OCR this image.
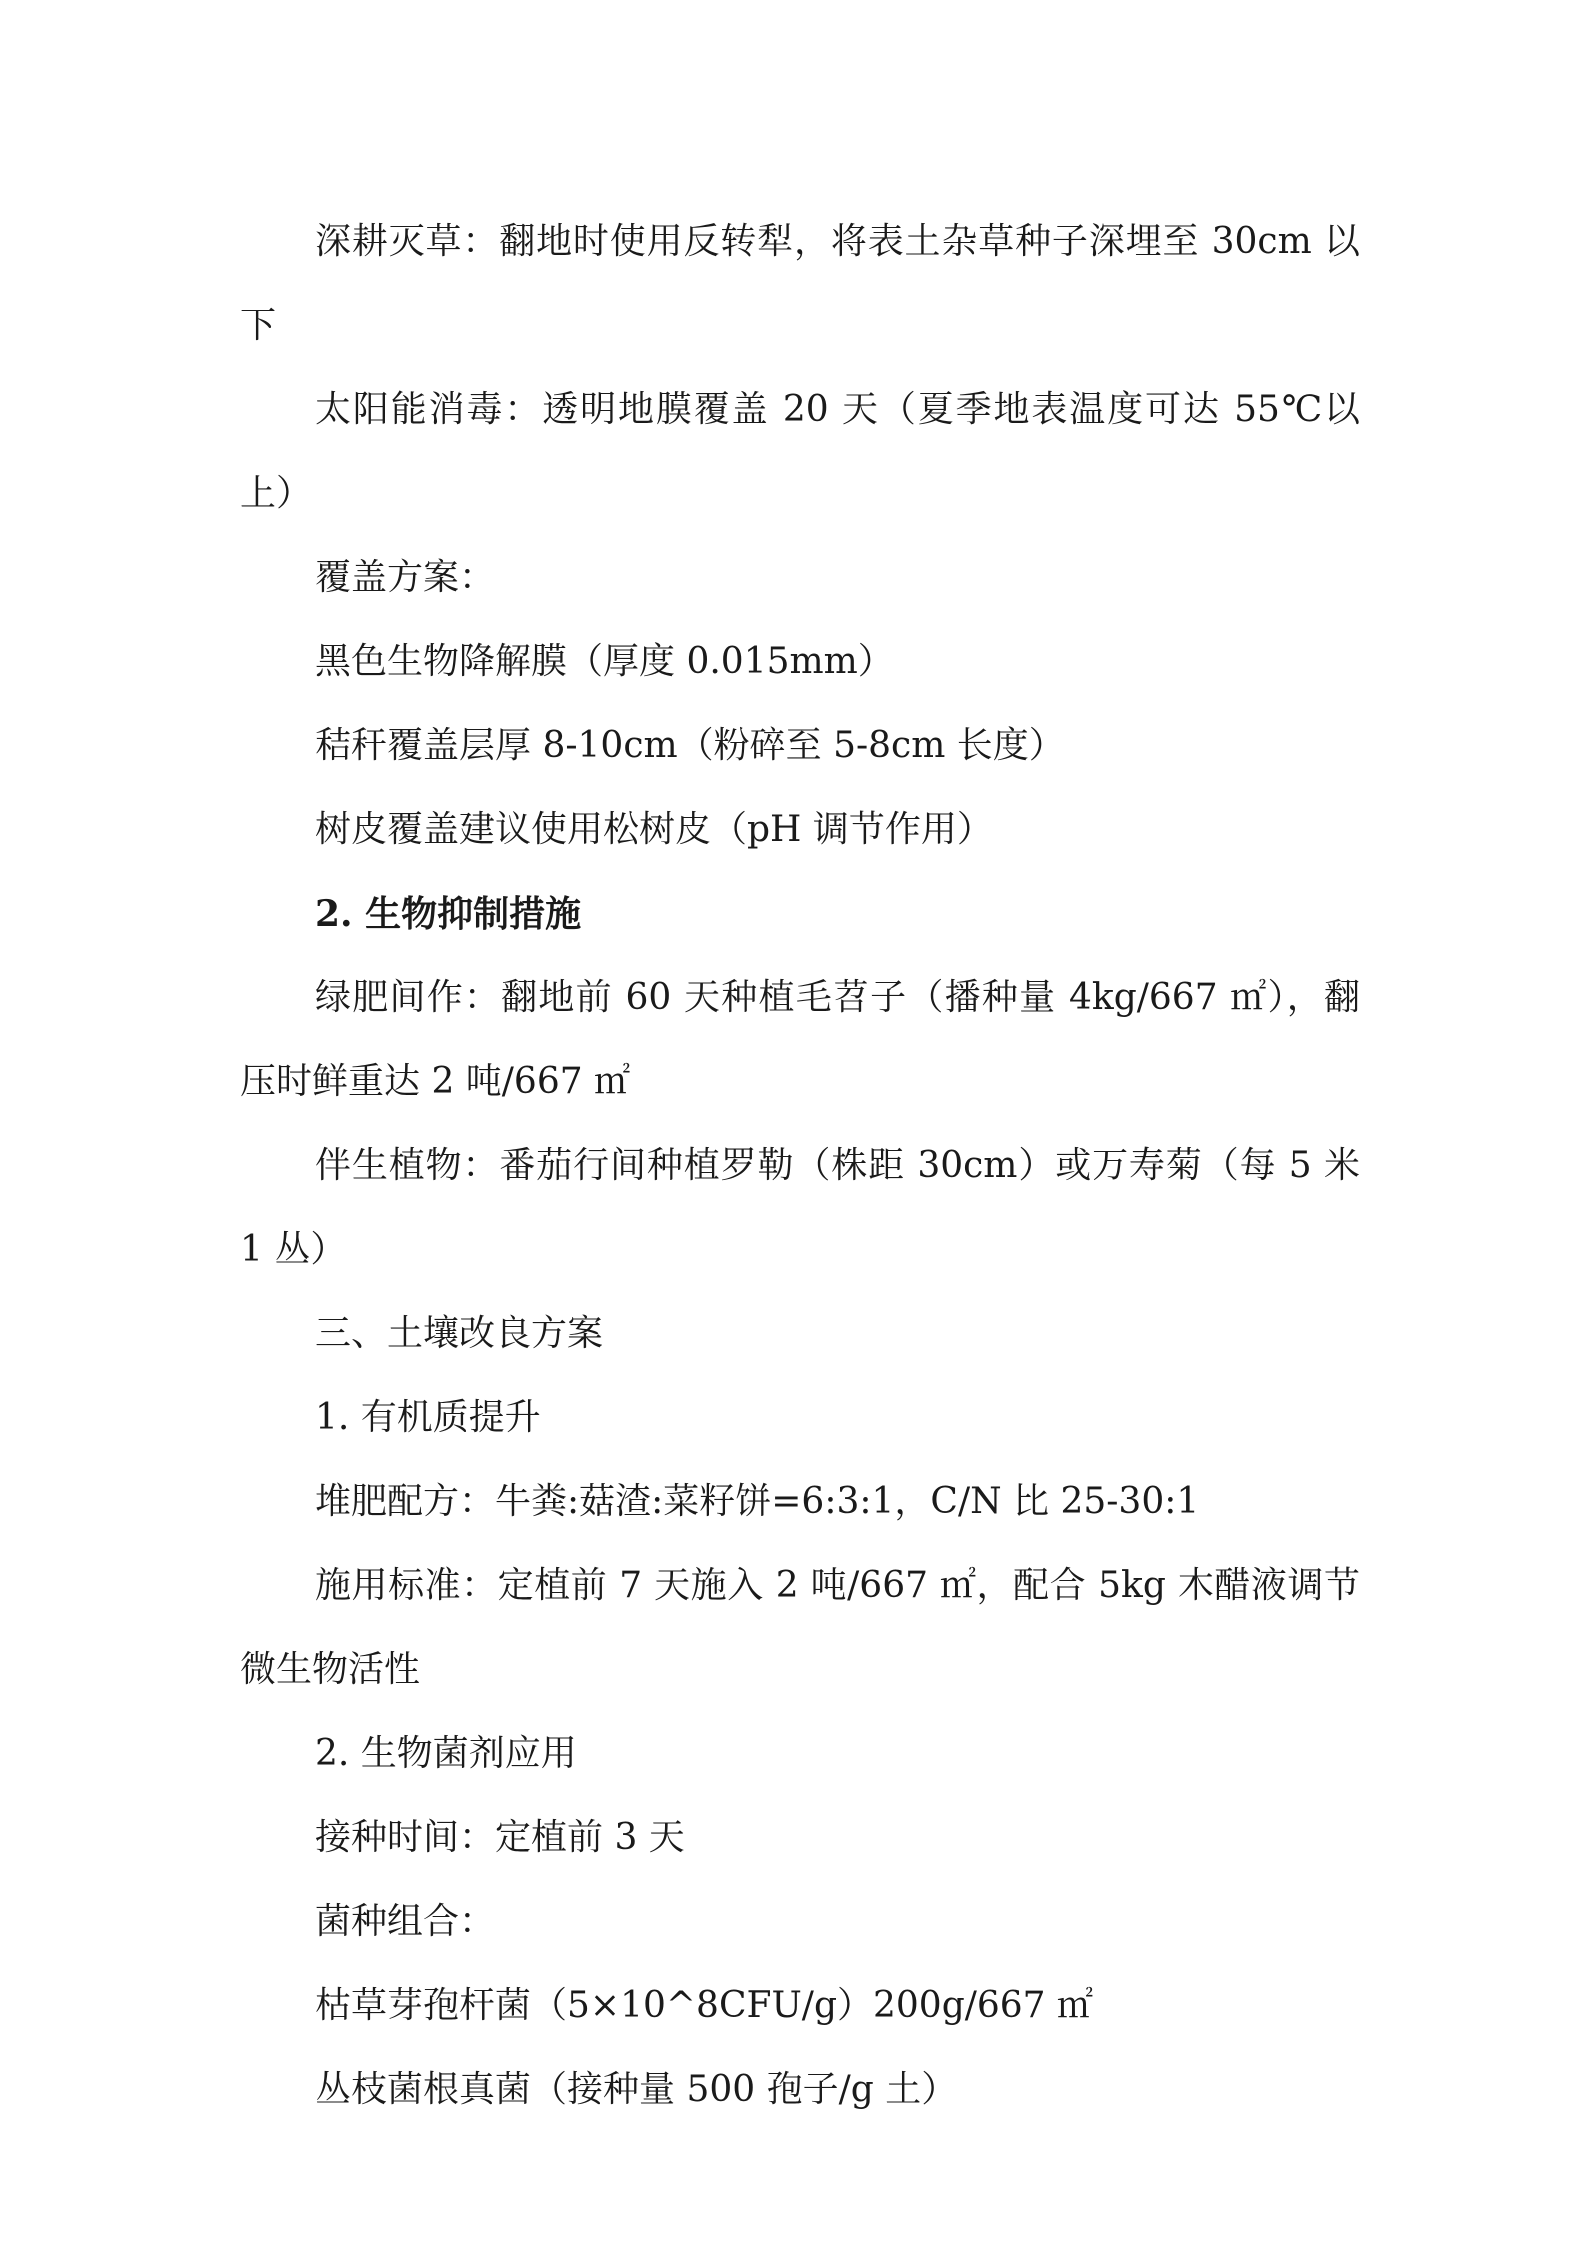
深耕灭草：翻地时使用反转犁，将表土杂草种子深埋至 30cm 以下

太阳能消毒：透明地膜覆盖 20 天（夏季地表温度可达 55℃以上）

覆盖方案：

黑色生物降解膜（厚度 0.015mm）

秸秆覆盖层厚 8-10cm（粉碎至 5-8cm 长度）

树皮覆盖建议使用松树皮（pH 调节作用）

2. 生物抑制措施

绿肥间作：翻地前 60 天种植毛苕子（播种量 4kg/667 ㎡），翻压时鲜重达 2 吨/667 ㎡

伴生植物：番茄行间种植罗勒（株距 30cm）或万寿菊（每 5 米 1 丛）

三、土壤改良方案

1. 有机质提升

堆肥配方：牛粪:菇渣:菜籽饼=6:3:1，C/N 比 25-30:1

施用标准：定植前 7 天施入 2 吨/667 ㎡，配合 5kg 木醋液调节微生物活性

2. 生物菌剂应用

接种时间：定植前 3 天

菌种组合：

枯草芽孢杆菌（5×10^8CFU/g）200g/667 ㎡

丛枝菌根真菌（接种量 500 孢子/g 土）
